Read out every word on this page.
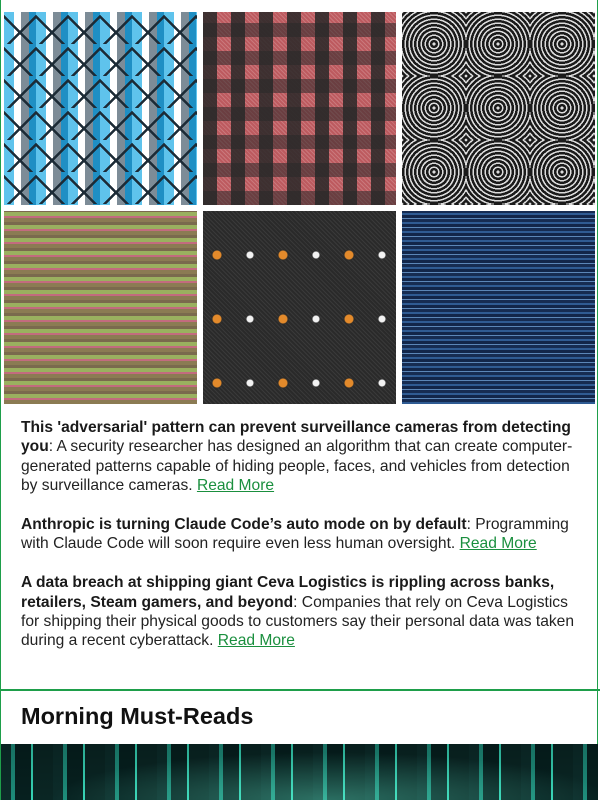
This 'adversarial' pattern can prevent surveillance cameras from detecting you: A security researcher has designed an algorithm that can create computer-generated patterns capable of hiding people, faces, and vehicles from detection by surveillance cameras. Read More

Anthropic is turning Claude Code’s auto mode on by default: Programming with Claude Code will soon require even less human oversight. Read More

A data breach at shipping giant Ceva Logistics is rippling across banks, retailers, Steam gamers, and beyond: Companies that rely on Ceva Logistics for shipping their physical goods to customers say their personal data was taken during a recent cyberattack. Read More

Morning Must-Reads
